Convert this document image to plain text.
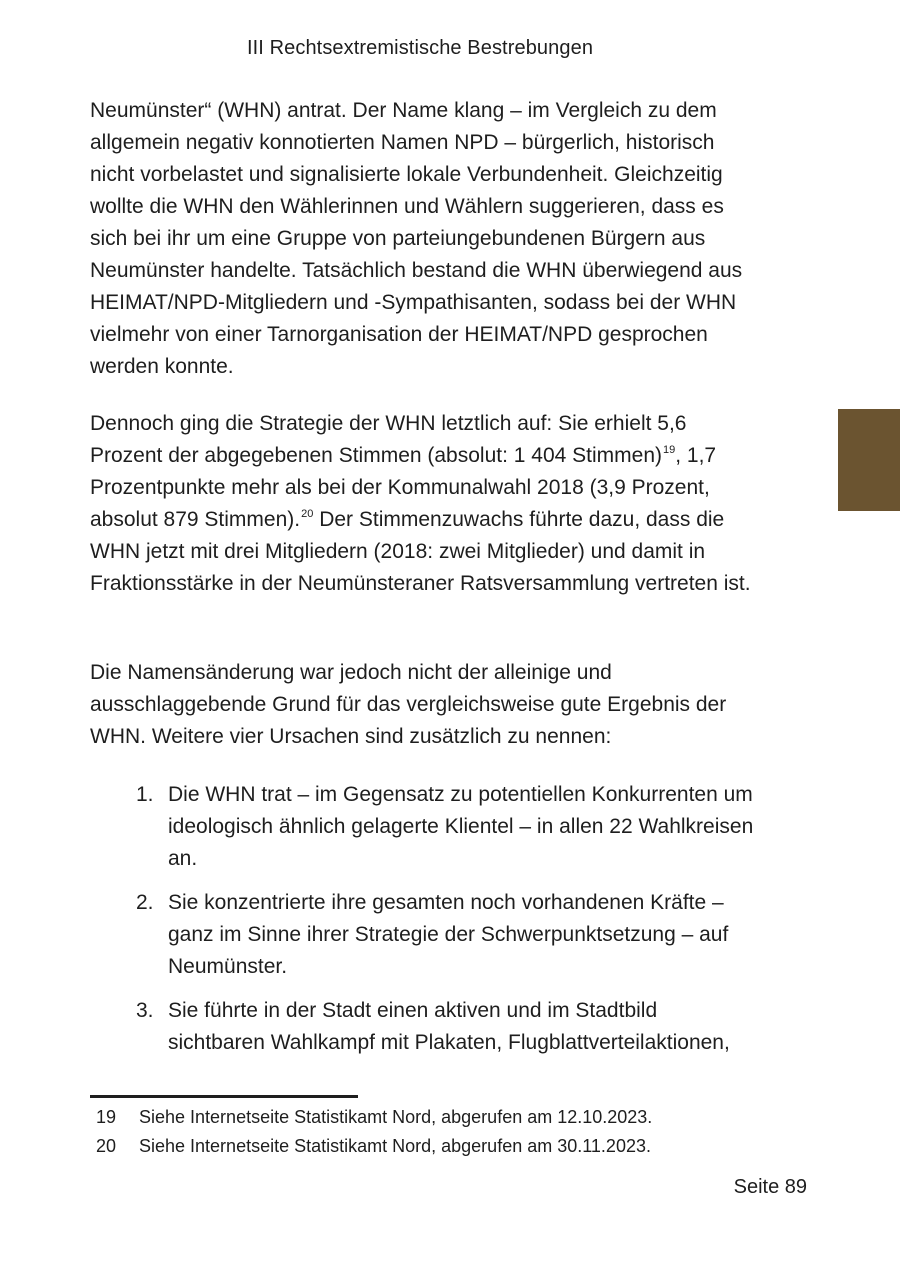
III Rechtsextremistische Bestrebungen

Neumünster“ (WHN) antrat. Der Name klang – im Vergleich zu dem allgemein negativ konnotierten Namen NPD – bürgerlich, historisch nicht vorbelastet und signalisierte lokale Verbundenheit. Gleichzeitig wollte die WHN den Wählerinnen und Wählern suggerieren, dass es sich bei ihr um eine Gruppe von parteiungebundenen Bürgern aus Neumünster handelte. Tatsächlich bestand die WHN überwiegend aus HEIMAT/NPD-Mitgliedern und -Sympathisanten, sodass bei der WHN vielmehr von einer Tarnorganisation der HEIMAT/NPD gesprochen werden konnte.

Dennoch ging die Strategie der WHN letztlich auf: Sie erhielt 5,6 Prozent der abgegebenen Stimmen (absolut: 1 404 Stimmen)$^{19}$, 1,7 Prozentpunkte mehr als bei der Kommunalwahl 2018 (3,9 Prozent, absolut 879 Stimmen).$^{20}$ Der Stimmenzuwachs führte dazu, dass die WHN jetzt mit drei Mitgliedern (2018: zwei Mitglieder) und damit in Fraktionsstärke in der Neumünsteraner Ratsversammlung vertreten ist.

Die Namensänderung war jedoch nicht der alleinige und ausschlaggebende Grund für das vergleichsweise gute Ergebnis der WHN. Weitere vier Ursachen sind zusätzlich zu nennen:

1. Die WHN trat – im Gegensatz zu potentiellen Konkurrenten um ideologisch ähnlich gelagerte Klientel – in allen 22 Wahlkreisen an.
2. Sie konzentrierte ihre gesamten noch vorhandenen Kräfte – ganz im Sinne ihrer Strategie der Schwerpunktsetzung – auf Neumünster.
3. Sie führte in der Stadt einen aktiven und im Stadtbild sichtbaren Wahlkampf mit Plakaten, Flugblattverteilaktionen,
19	Siehe Internetseite Statistikamt Nord, abgerufen am 12.10.2023.
20	Siehe Internetseite Statistikamt Nord, abgerufen am 30.11.2023.
Seite 89
